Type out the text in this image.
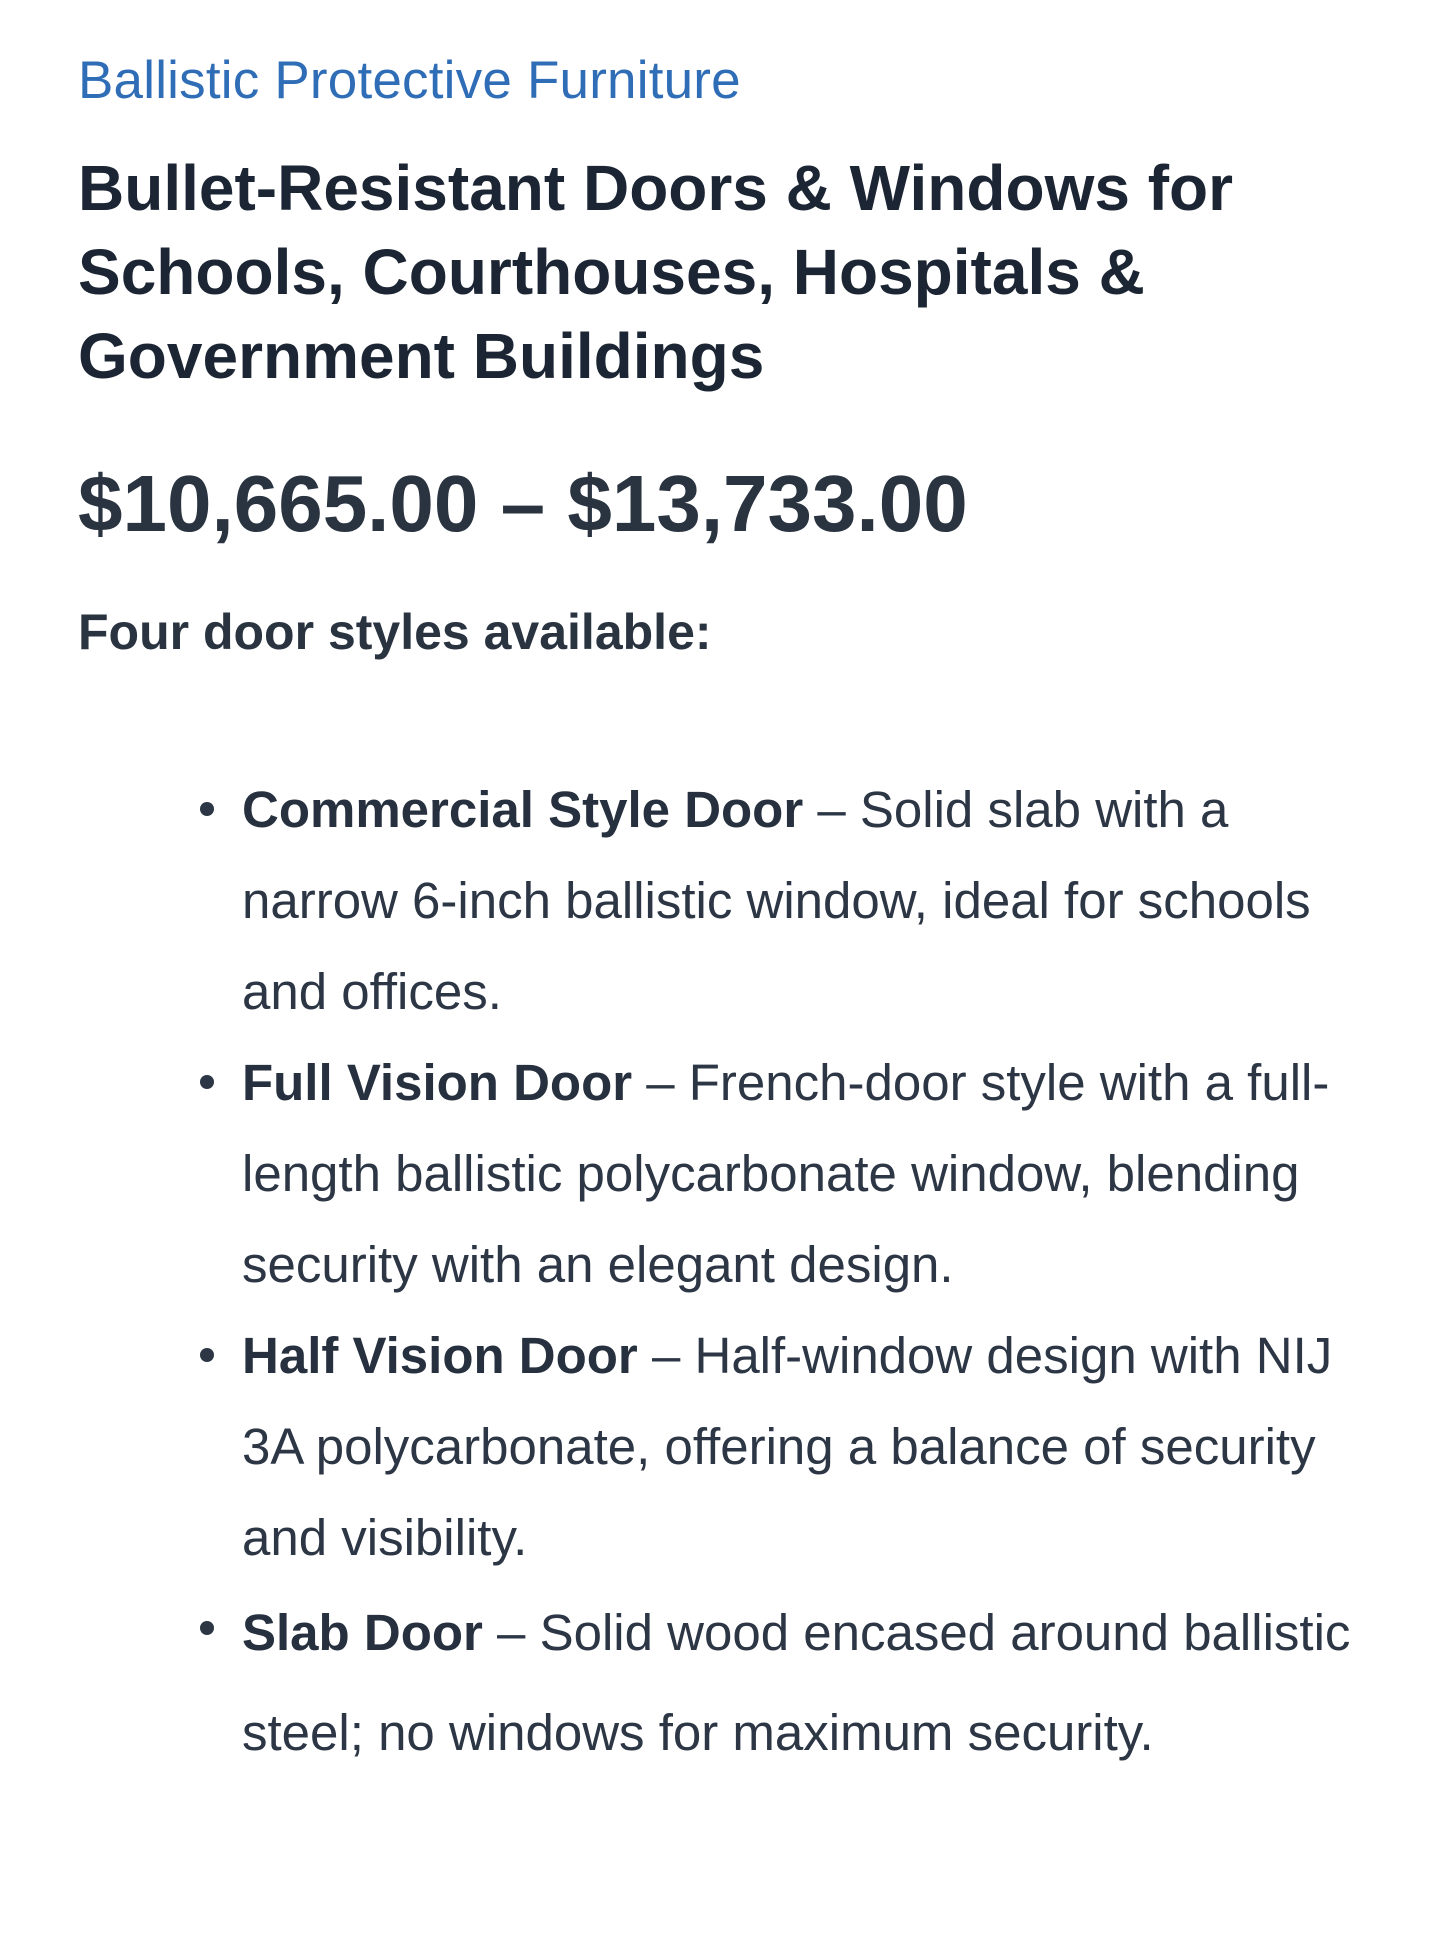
Ballistic Protective Furniture
Bullet-Resistant Doors & Windows for Schools, Courthouses, Hospitals & Government Buildings
$10,665.00 – $13,733.00
Four door styles available:
Commercial Style Door – Solid slab with a narrow 6-inch ballistic window, ideal for schools and offices.
Full Vision Door – French-door style with a full-length ballistic polycarbonate window, blending security with an elegant design.
Half Vision Door – Half-window design with NIJ 3A polycarbonate, offering a balance of security and visibility.
Slab Door – Solid wood encased around ballistic steel; no windows for maximum security.
